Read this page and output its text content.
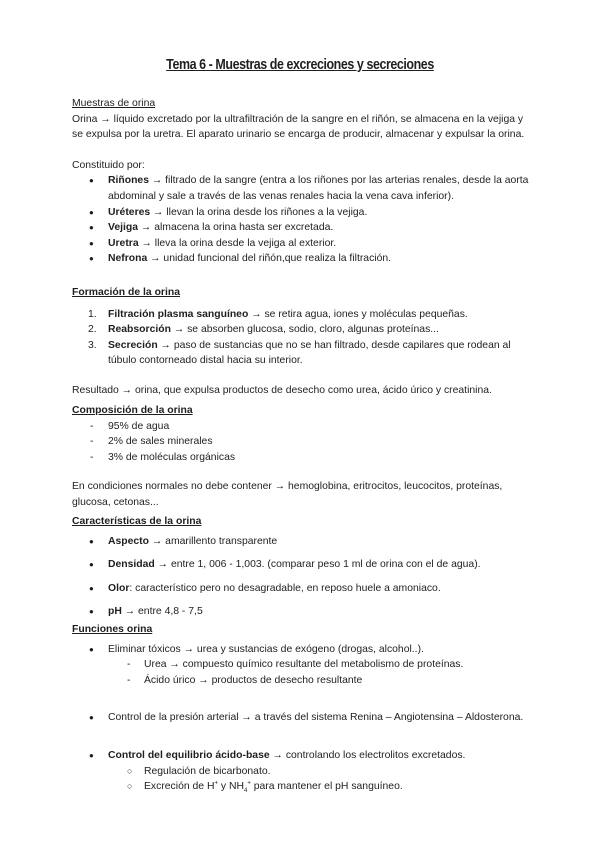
Tema 6 - Muestras de excreciones y secreciones
Muestras de orina
Orina → líquido excretado por la ultrafiltración de la sangre en el riñón, se almacena en la vejiga y se expulsa por la uretra. El aparato urinario se encarga de producir, almacenar y expulsar la orina.
Constituido por:
● Riñones → filtrado de la sangre (entra a los riñones por las arterias renales, desde la aorta abdominal y sale a través de las venas renales hacia la vena cava inferior).
● Uréteres → llevan la orina desde los riñones a la vejiga.
● Vejiga → almacena la orina hasta ser excretada.
● Uretra → lleva la orina desde la vejiga al exterior.
● Nefrona → unidad funcional del riñón,que realiza la filtración.
Formación de la orina
1. Filtración plasma sanguíneo → se retira agua, iones y moléculas pequeñas.
2. Reabsorción → se absorben glucosa, sodio, cloro, algunas proteínas...
3. Secreción → paso de sustancias que no se han filtrado, desde capilares que rodean al túbulo contorneado distal hacia su interior.
Resultado → orina, que expulsa productos de desecho como urea, ácido úrico y creatinina.
Composición de la orina
- 95% de agua
- 2% de sales minerales
- 3% de moléculas orgánicas
En condiciones normales no debe contener → hemoglobina, eritrocitos, leucocitos, proteínas, glucosa, cetonas...
Características de la orina
● Aspecto → amarillento transparente
● Densidad → entre 1, 006 - 1,003. (comparar peso 1 ml de orina con el de agua).
● Olor: característico pero no desagradable, en reposo huele a amoniaco.
● pH → entre 4,8 - 7,5
Funciones orina
● Eliminar tóxicos → urea y sustancias de exógeno (drogas, alcohol..).
- Urea → compuesto químico resultante del metabolismo de proteínas.
- Ácido úrico → productos de desecho resultante
● Control de la presión arterial → a través del sistema Renina – Angiotensina – Aldosterona.
● Control del equilibrio ácido-base → controlando los electrolitos excretados.
○ Regulación de bicarbonato.
○ Excreción de H+ y $NH_4^+$ para mantener el pH sanguíneo.
